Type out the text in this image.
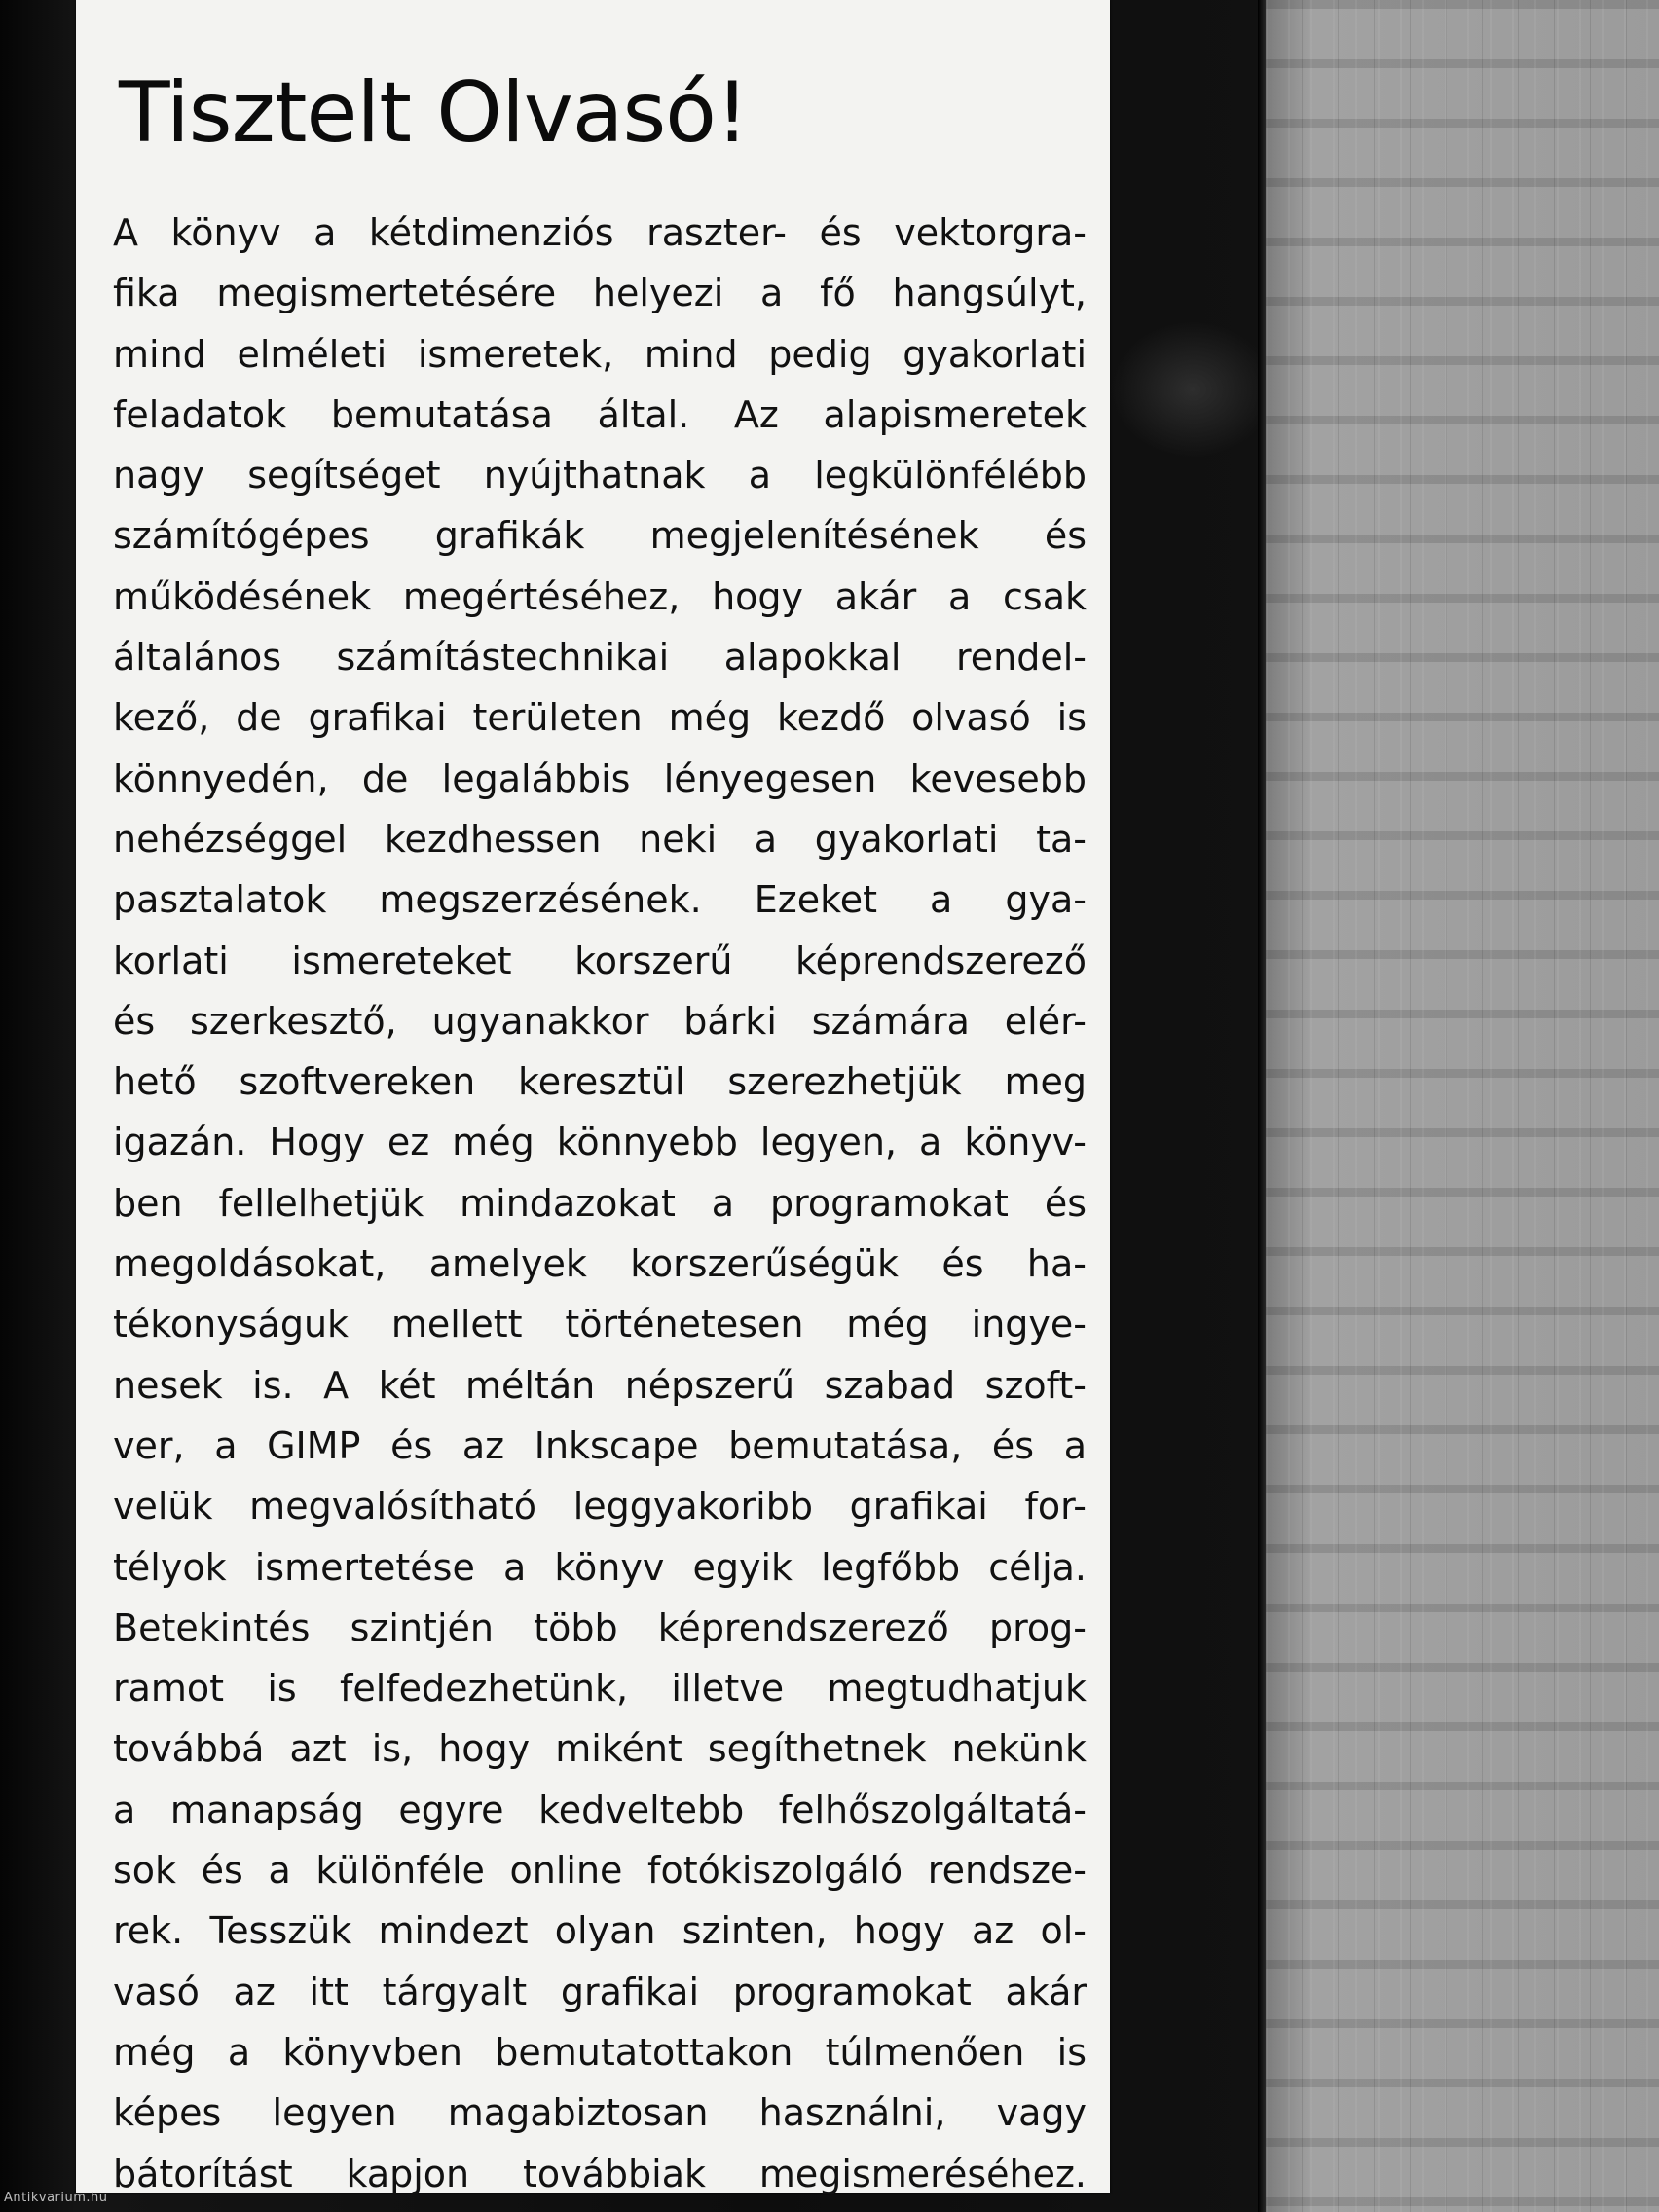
Tisztelt Olvasó!
A könyv a kétdimenziós raszter- és vektorgra-
fika megismertetésére helyezi a fő hangsúlyt,
mind elméleti ismeretek, mind pedig gyakorlati
feladatok bemutatása által. Az alapismeretek
nagy segítséget nyújthatnak a legkülönfélébb
számítógépes grafikák megjelenítésének és
működésének megértéséhez, hogy akár a csak
általános számítástechnikai alapokkal rendel-
kező, de grafikai területen még kezdő olvasó is
könnyedén, de legalábbis lényegesen kevesebb
nehézséggel kezdhessen neki a gyakorlati ta-
pasztalatok megszerzésének. Ezeket a gya-
korlati ismereteket korszerű képrendszerező
és szerkesztő, ugyanakkor bárki számára elér-
hető szoftvereken keresztül szerezhetjük meg
igazán. Hogy ez még könnyebb legyen, a könyv-
ben fellelhetjük mindazokat a programokat és
megoldásokat, amelyek korszerűségük és ha-
tékonyságuk mellett történetesen még ingye-
nesek is. A két méltán népszerű szabad szoft-
ver, a GIMP és az Inkscape bemutatása, és a
velük megvalósítható leggyakoribb grafikai for-
télyok ismertetése a könyv egyik legfőbb célja.
Betekintés szintjén több képrendszerező prog-
ramot is felfedezhetünk, illetve megtudhatjuk
továbbá azt is, hogy miként segíthetnek nekünk
a manapság egyre kedveltebb felhőszolgáltatá-
sok és a különféle online fotókiszolgáló rendsze-
rek. Tesszük mindezt olyan szinten, hogy az ol-
vasó az itt tárgyalt grafikai programokat akár
még a könyvben bemutatottakon túlmenően is
képes legyen magabiztosan használni, vagy
bátorítást kapjon továbbiak megismeréséhez.
Antikvarium.hu
